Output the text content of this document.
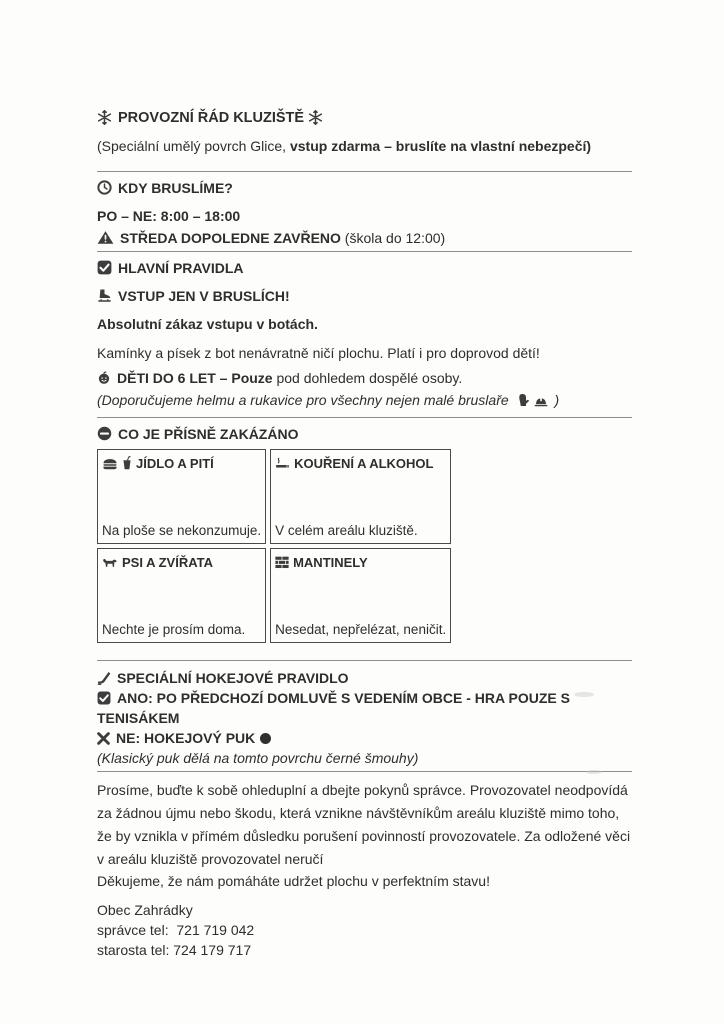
PROVOZNÍ ŘÁD KLUZIŠTĚ

(Speciální umělý povrch Glice, vstup zdarma – bruslíte na vlastní nebezpečí)

KDY BRUSLÍME?

PO – NE: 8:00 – 18:00

STŘEDA DOPOLEDNE ZAVŘENO (škola do 12:00)

HLAVNÍ PRAVIDLA

VSTUP JEN V BRUSLÍCH!

Absolutní zákaz vstupu v botách.

Kamínky a písek z bot nenávratně ničí plochu. Platí i pro doprovod dětí!

DĚTI DO 6 LET – Pouze pod dohledem dospělé osoby.

(Doporučujeme helmu a rukavice pro všechny nejen malé bruslaře	)

CO JE PŘÍSNĚ ZAKÁZÁNO

JÍDLO A PITÍ
Na ploše se nekonzumuje.

KOUŘENÍ A ALKOHOL
V celém areálu kluziště.

PSI A ZVÍŘATA
Nechte je prosím doma.

MANTINELY
Nesedat, nepřelézat, neničit.

SPECIÁLNÍ HOKEJOVÉ PRAVIDLO

ANO: PO PŘEDCHOZÍ DOMLUVĚ S VEDENÍM OBCE - HRA POUZE S TENISÁKEM

NE: HOKEJOVÝ PUK

(Klasický puk dělá na tomto povrchu černé šmouhy)

Prosíme, buďte k sobě ohleduplní a dbejte pokynů správce. Provozovatel neodpovídá za žádnou újmu nebo škodu, která vznikne návštěvníkům areálu kluziště mimo toho, že by vznikla v přímém důsledku porušení povinností provozovatele. Za odložené věci v areálu kluziště provozovatel neručí

Děkujeme, že nám pomáháte udržet plochu v perfektním stavu!

Obec Zahrádky

správce tel:  721 719 042

starosta tel: 724 179 717
